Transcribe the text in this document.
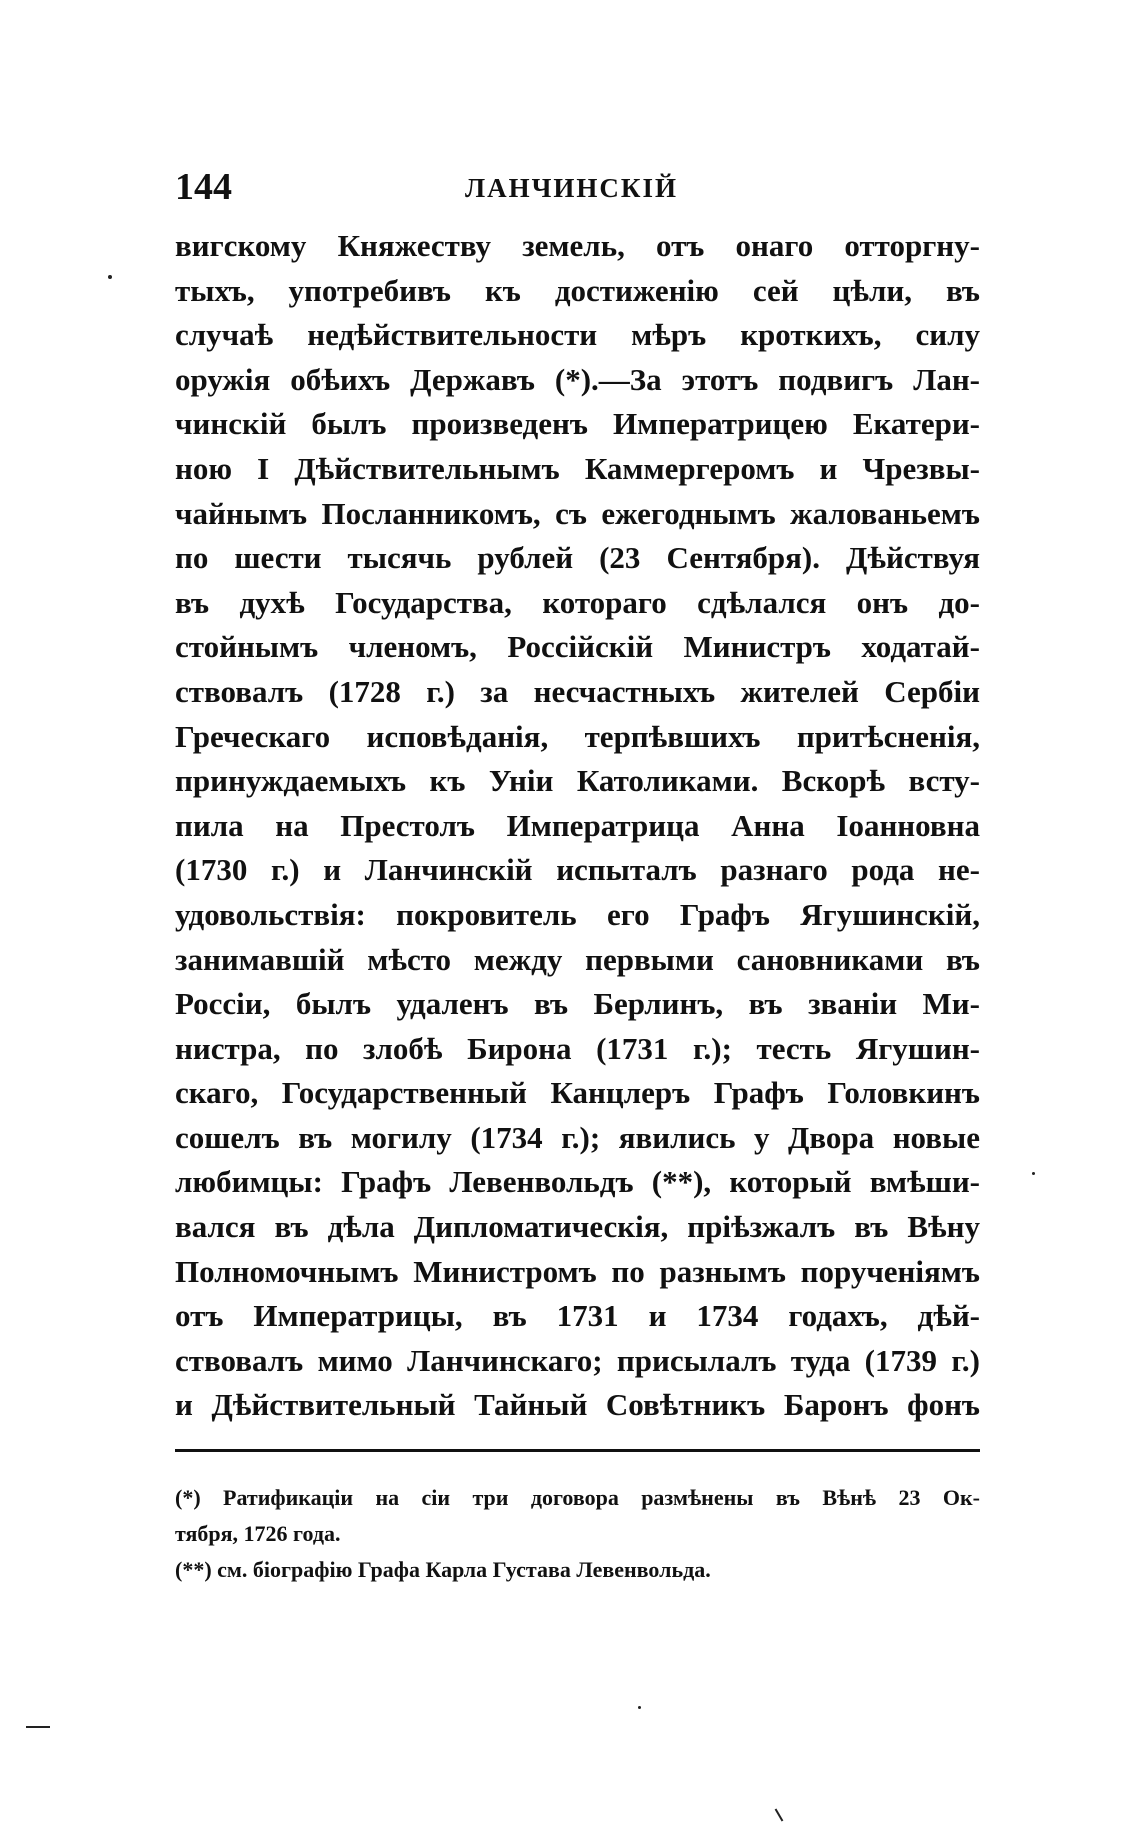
144	ЛАНЧИНСКІЙ
вигскому Княжеству земель, отъ онаго отторгну-
тыхъ, употребивъ къ достиженію сей цѣли, въ
случаѣ недѣйствительности мѣръ кроткихъ, силу
оружія обѣихъ Державъ (*).—За этотъ подвигъ Лан-
чинскій былъ произведенъ Императрицею Екатери-
ною I Дѣйствительнымъ Каммергеромъ и Чрезвы-
чайнымъ Посланникомъ, съ ежегоднымъ жалованьемъ
по шести тысячь рублей (23 Сентября). Дѣйствуя
въ духѣ Государства, котораго сдѣлался онъ до-
стойнымъ членомъ, Россійскій Министръ ходатай-
ствовалъ (1728 г.) за несчастныхъ жителей Сербіи
Греческаго исповѣданія, терпѣвшихъ притѣсненія,
принуждаемыхъ къ Уніи Католиками. Вскорѣ всту-
пила на Престолъ Императрица Анна Іоанновна
(1730 г.) и Ланчинскій испыталъ разнаго рода не-
удовольствія: покровитель его Графъ Ягушинскій,
занимавшій мѣсто между первыми сановниками въ
Россіи, былъ удаленъ въ Берлинъ, въ званіи Ми-
нистра, по злобѣ Бирона (1731 г.); тесть Ягушин-
скаго, Государственный Канцлеръ Графъ Головкинъ
сошелъ въ могилу (1734 г.); явились у Двора новые
любимцы: Графъ Левенвольдъ (**), который вмѣши-
вался въ дѣла Дипломатическія, пріѣзжалъ въ Вѣну
Полномочнымъ Министромъ по разнымъ порученіямъ
отъ Императрицы, въ 1731 и 1734 годахъ, дѣй-
ствовалъ мимо Ланчинскаго; присылалъ туда (1739 г.)
и Дѣйствительный Тайный Совѣтникъ Баронъ фонъ
(*) Ратификаціи на сіи три договора размѣнены въ Вѣнѣ 23 Ок-
тября, 1726 года.
(**) см. біографію Графа Карла Густава Левенвольда.
